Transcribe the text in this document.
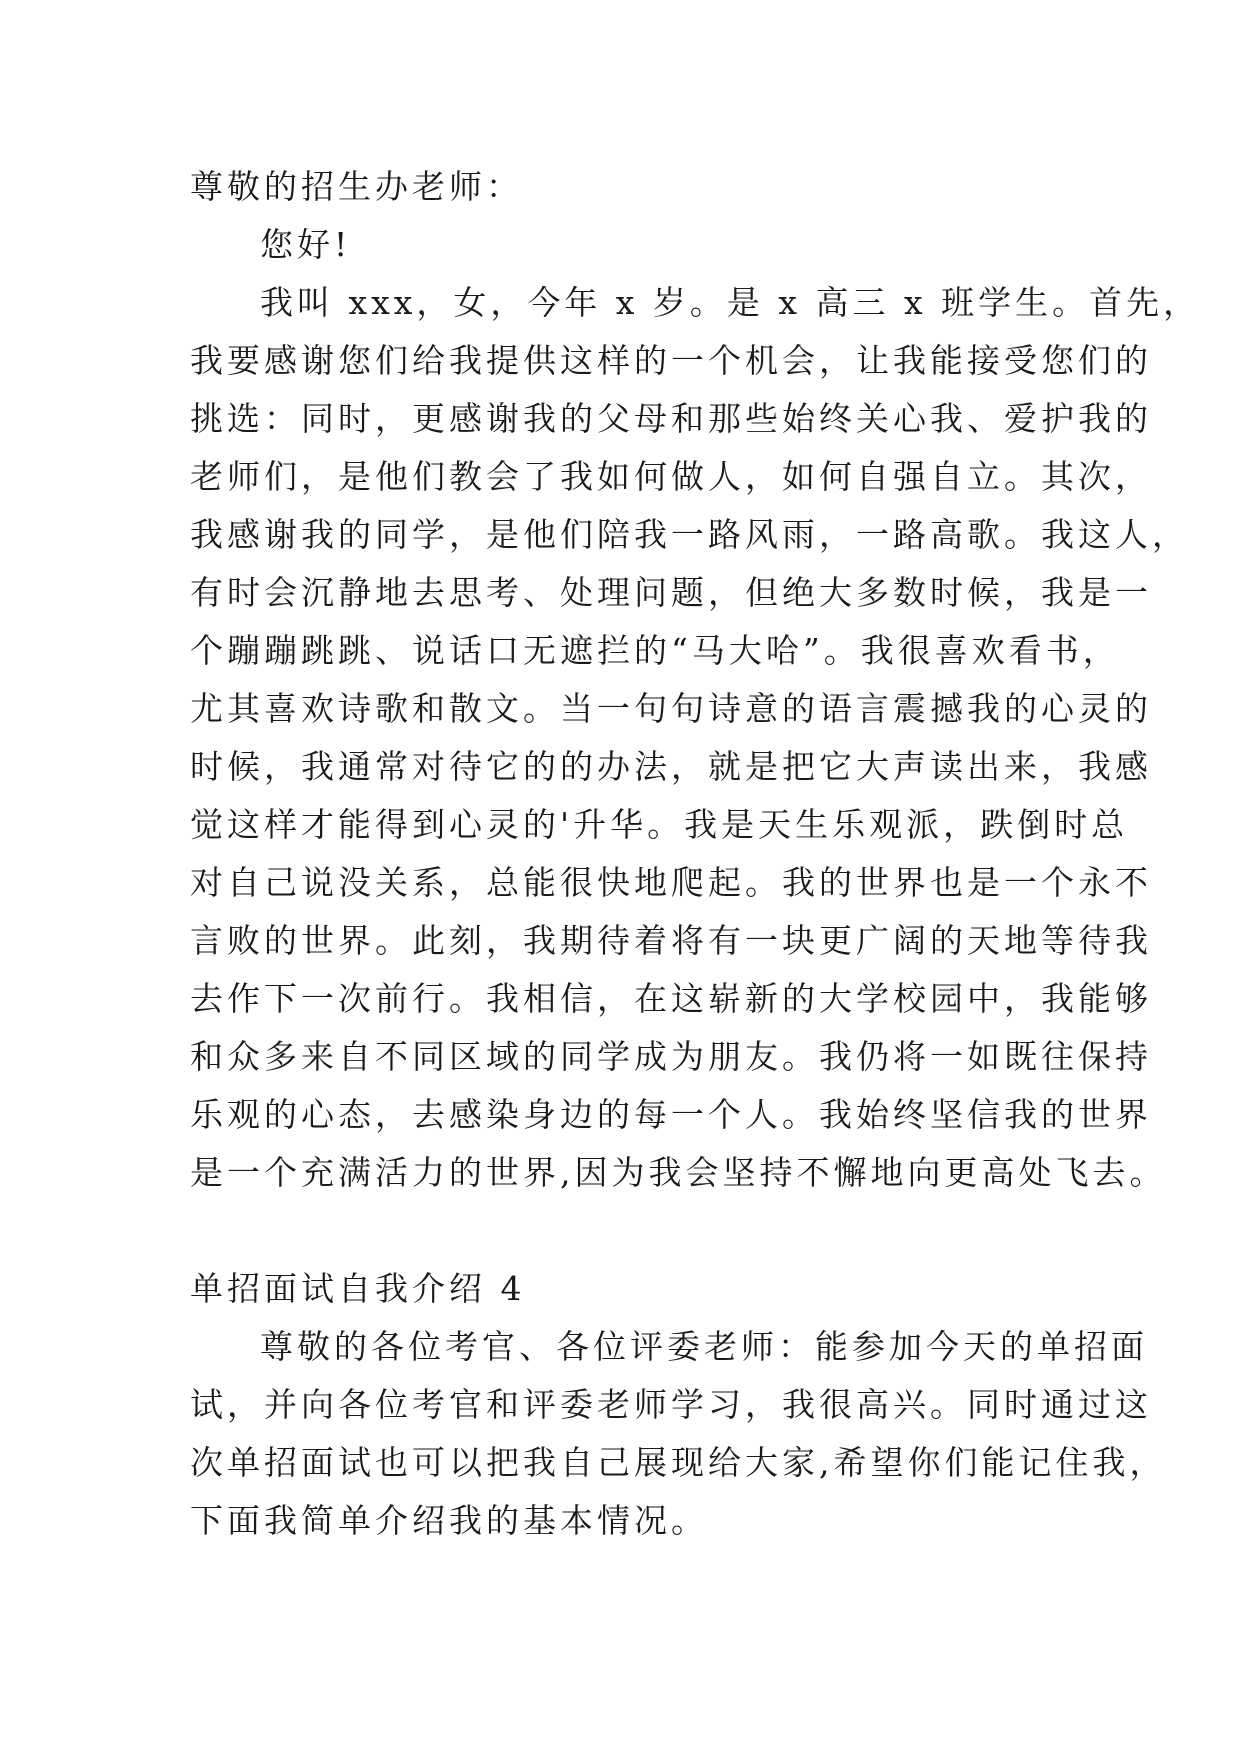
尊敬的招生办老师：

您好!

我叫 xxx，女，今年 x 岁。是 x 高三 x 班学生。首先，

我要感谢您们给我提供这样的一个机会，让我能接受您们的

挑选：同时，更感谢我的父母和那些始终关心我、爱护我的

老师们，是他们教会了我如何做人，如何自强自立。其次，

我感谢我的同学，是他们陪我一路风雨，一路高歌。我这人，

有时会沉静地去思考、处理问题，但绝大多数时候，我是一

个蹦蹦跳跳、说话口无遮拦的“马大哈”。我很喜欢看书，

尤其喜欢诗歌和散文。当一句句诗意的语言震撼我的心灵的

时候，我通常对待它的的办法，就是把它大声读出来，我感

觉这样才能得到心灵的'升华。我是天生乐观派，跌倒时总

对自己说没关系，总能很快地爬起。我的世界也是一个永不

言败的世界。此刻，我期待着将有一块更广阔的天地等待我

去作下一次前行。我相信，在这崭新的大学校园中，我能够

和众多来自不同区域的同学成为朋友。我仍将一如既往保持

乐观的心态，去感染身边的每一个人。我始终坚信我的世界

是一个充满活力的世界,因为我会坚持不懈地向更高处飞去。

单招面试自我介绍 4

尊敬的各位考官、各位评委老师：能参加今天的单招面

试，并向各位考官和评委老师学习，我很高兴。同时通过这

次单招面试也可以把我自己展现给大家,希望你们能记住我，

下面我简单介绍我的基本情况。
